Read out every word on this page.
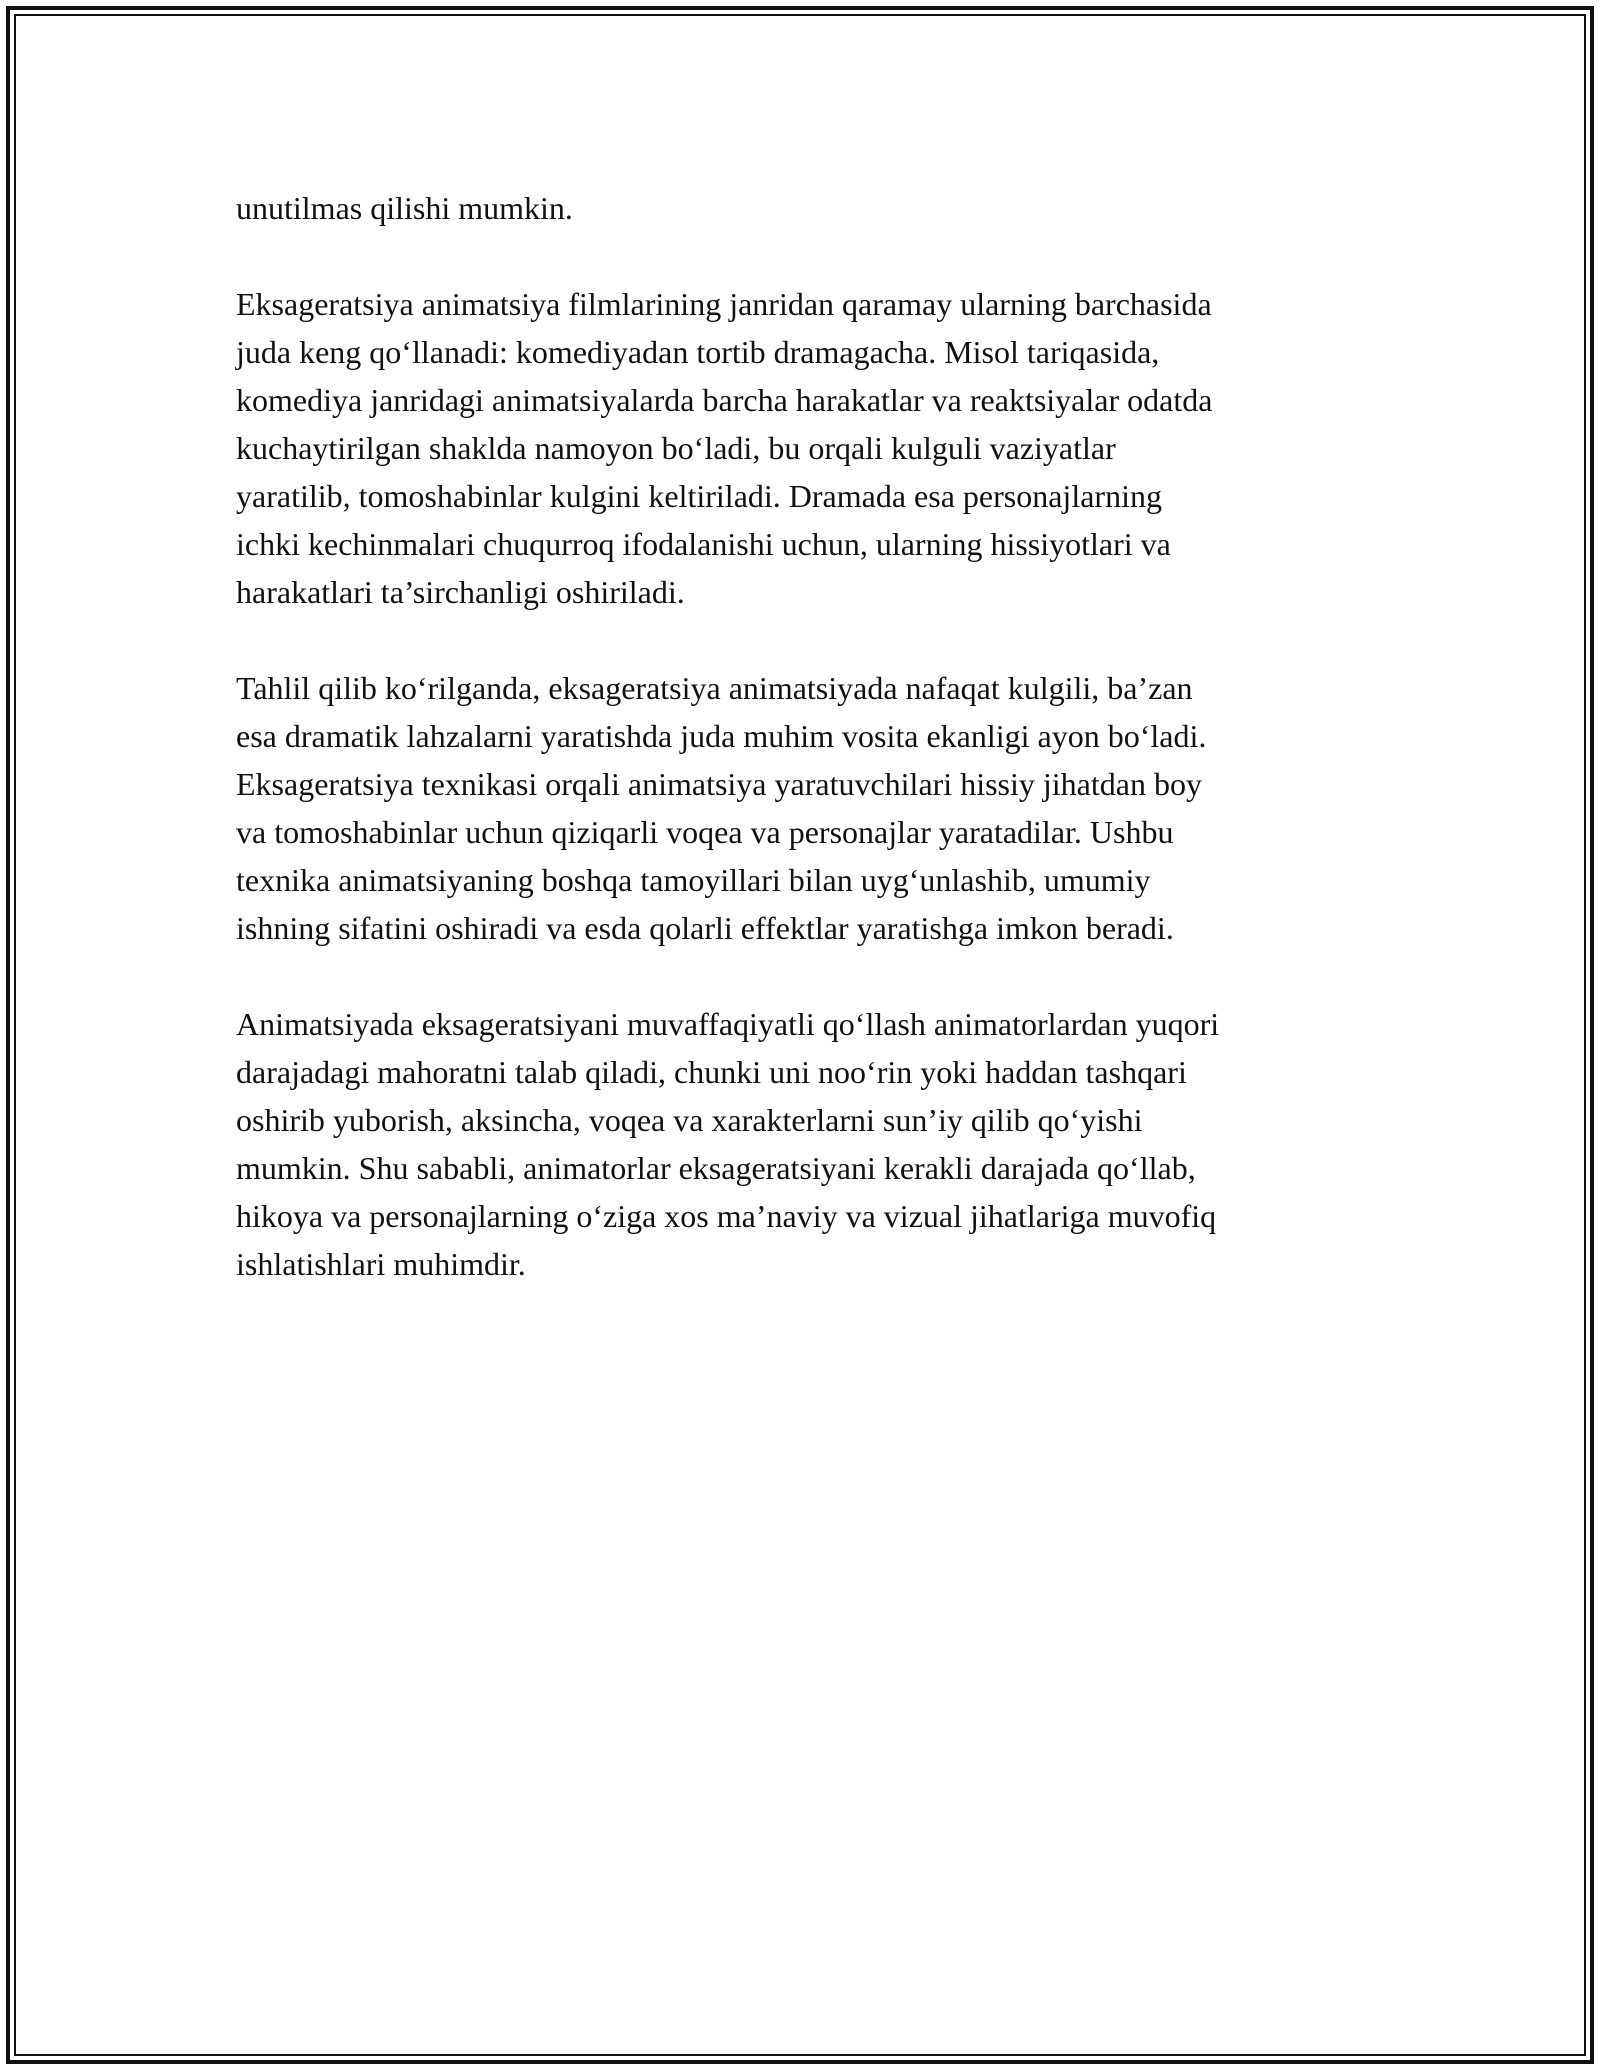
unutilmas qilishi mumkin.

Eksageratsiya animatsiya filmlarining janridan qaramay ularning barchasida
juda keng qo‘llanadi: komediyadan tortib dramagacha. Misol tariqasida,
komediya janridagi animatsiyalarda barcha harakatlar va reaktsiyalar odatda
kuchaytirilgan shaklda namoyon bo‘ladi, bu orqali kulguli vaziyatlar
yaratilib, tomoshabinlar kulgini keltiriladi. Dramada esa personajlarning
ichki kechinmalari chuqurroq ifodalanishi uchun, ularning hissiyotlari va
harakatlari ta’sirchanligi oshiriladi.

Tahlil qilib ko‘rilganda, eksageratsiya animatsiyada nafaqat kulgili, ba’zan
esa dramatik lahzalarni yaratishda juda muhim vosita ekanligi ayon bo‘ladi.
Eksageratsiya texnikasi orqali animatsiya yaratuvchilari hissiy jihatdan boy
va tomoshabinlar uchun qiziqarli voqea va personajlar yaratadilar. Ushbu
texnika animatsiyaning boshqa tamoyillari bilan uyg‘unlashib, umumiy
ishning sifatini oshiradi va esda qolarli effektlar yaratishga imkon beradi.

Animatsiyada eksageratsiyani muvaffaqiyatli qo‘llash animatorlardan yuqori
darajadagi mahoratni talab qiladi, chunki uni noo‘rin yoki haddan tashqari
oshirib yuborish, aksincha, voqea va xarakterlarni sun’iy qilib qo‘yishi
mumkin. Shu sababli, animatorlar eksageratsiyani kerakli darajada qo‘llab,
hikoya va personajlarning o‘ziga xos ma’naviy va vizual jihatlariga muvofiq
ishlatishlari muhimdir.
